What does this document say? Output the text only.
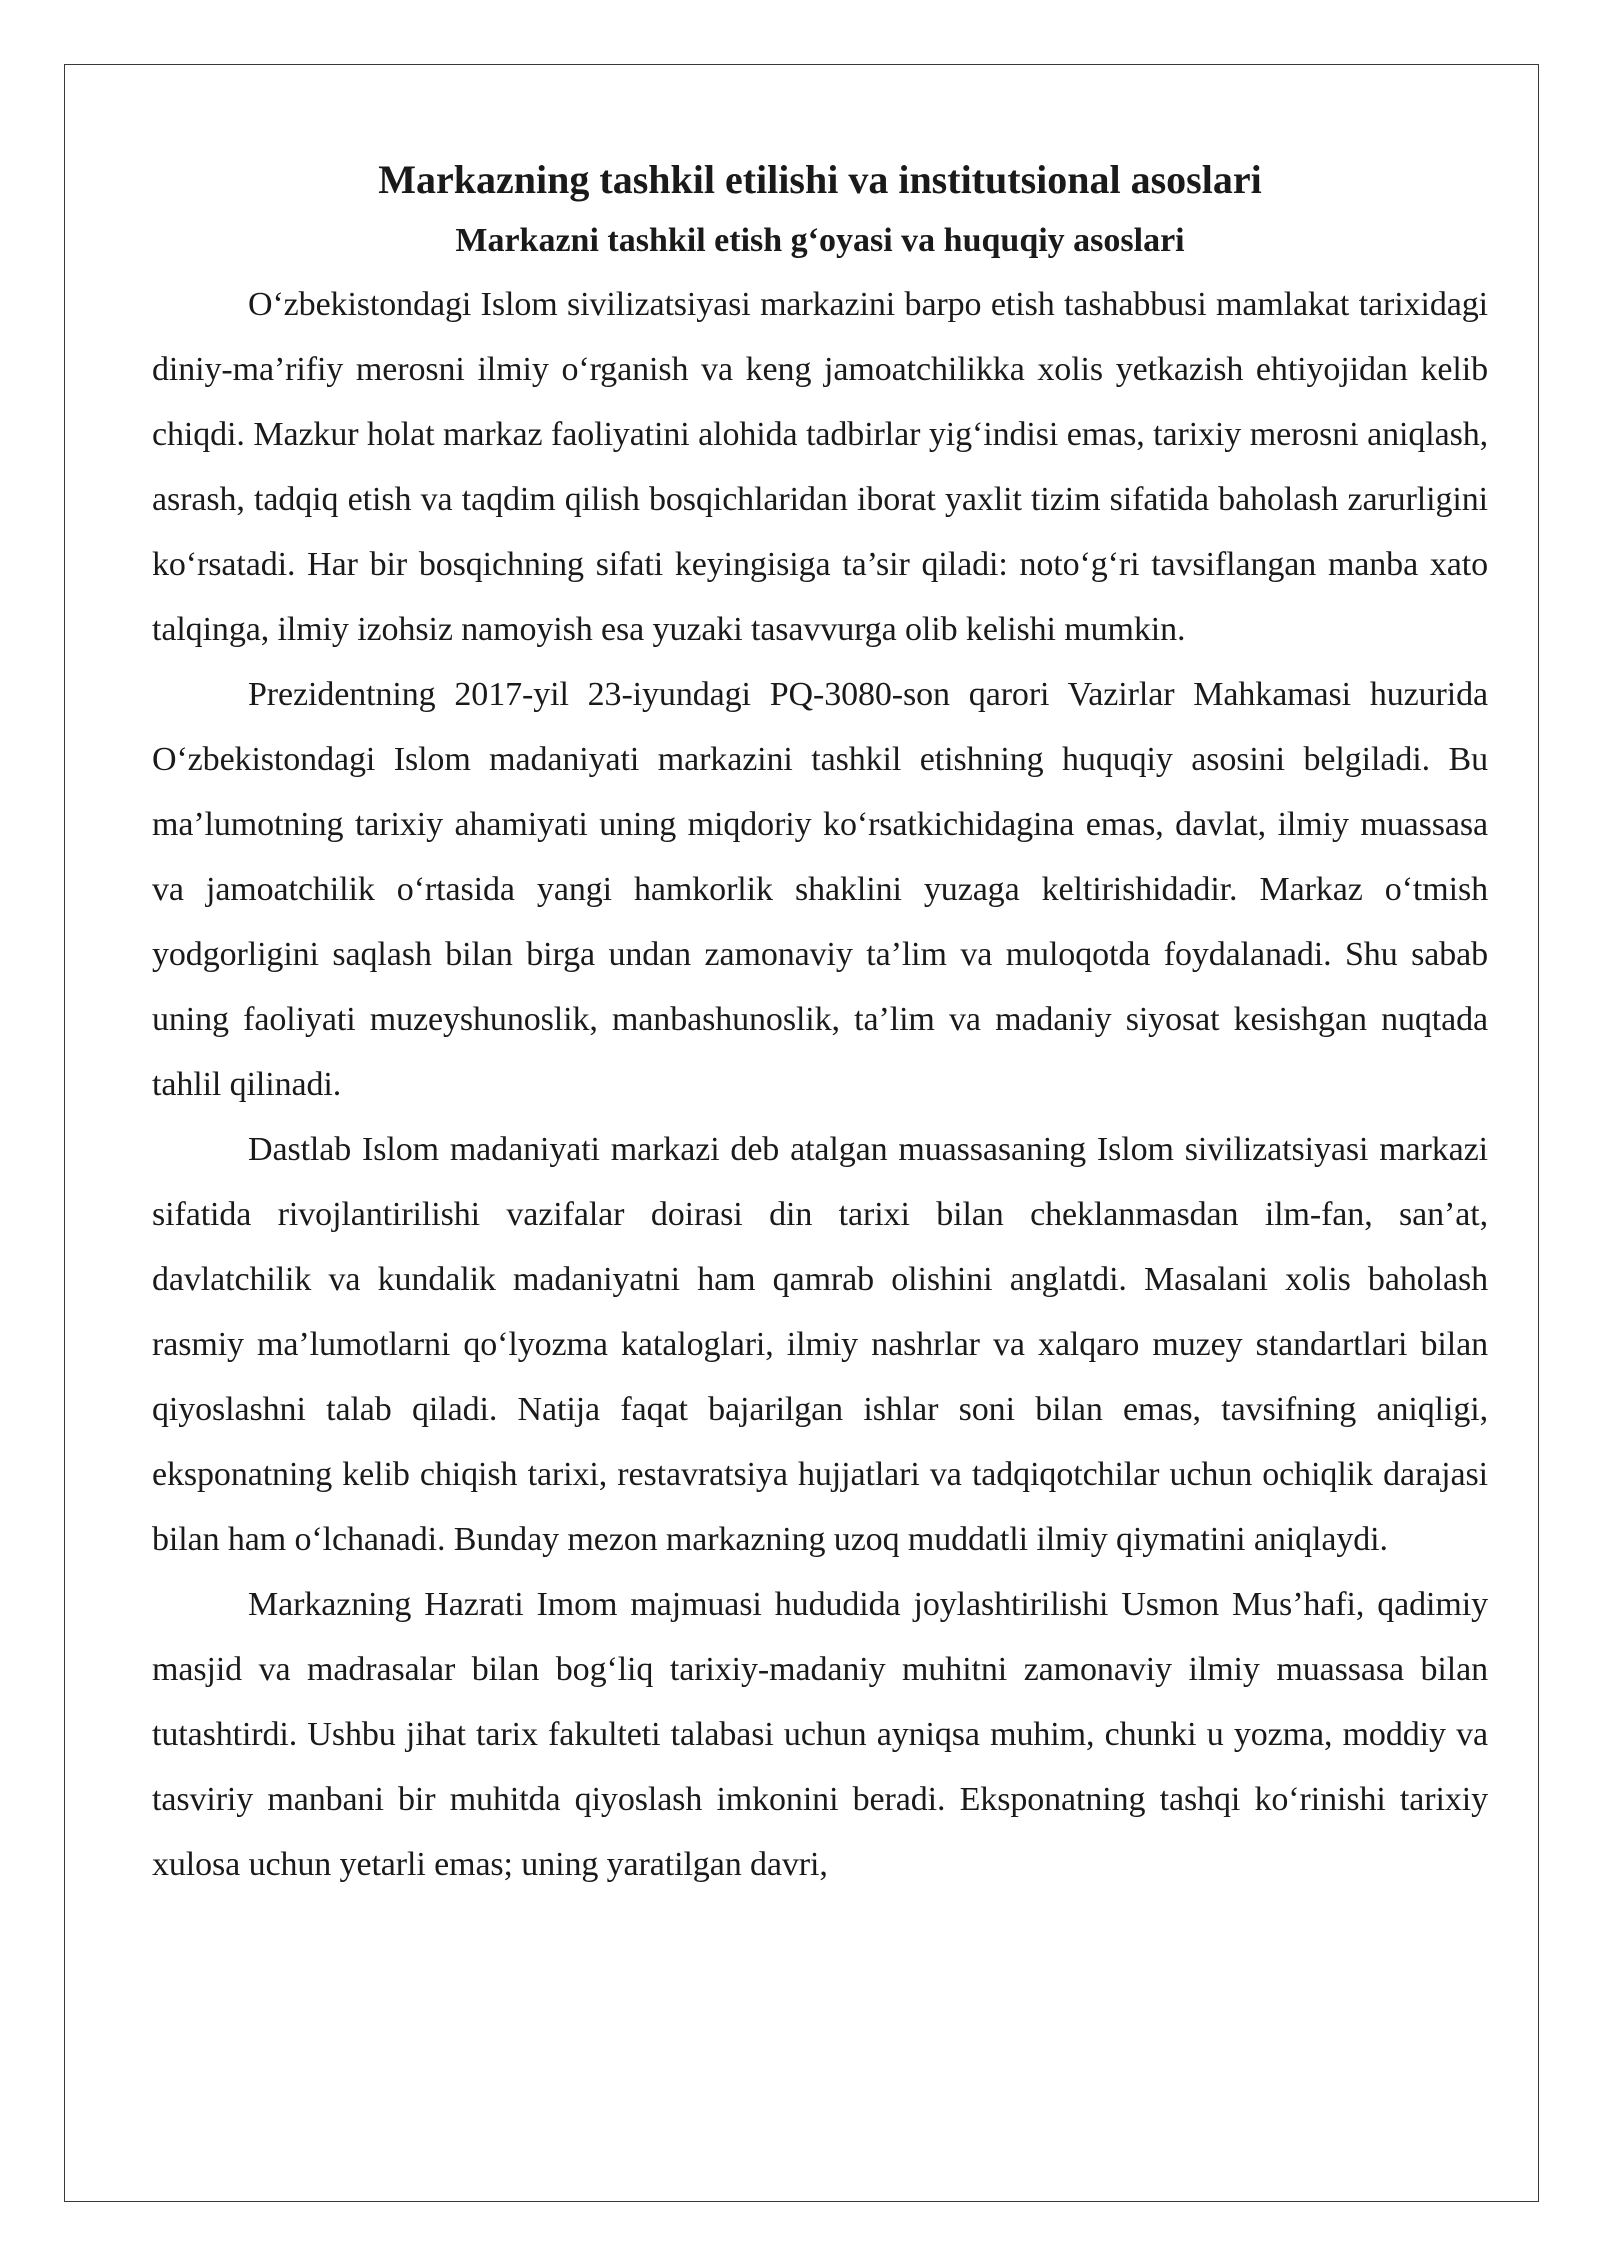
Markazning tashkil etilishi va institutsional asoslari
Markazni tashkil etish g‘oyasi va huquqiy asoslari

O‘zbekistondagi Islom sivilizatsiyasi markazini barpo etish tashabbusi mamlakat tarixidagi diniy-ma’rifiy merosni ilmiy o‘rganish va keng jamoatchilikka xolis yetkazish ehtiyojidan kelib chiqdi. Mazkur holat markaz faoliyatini alohida tadbirlar yig‘indisi emas, tarixiy merosni aniqlash, asrash, tadqiq etish va taqdim qilish bosqichlaridan iborat yaxlit tizim sifatida baholash zarurligini ko‘rsatadi. Har bir bosqichning sifati keyingisiga ta’sir qiladi: noto‘g‘ri tavsiflangan manba xato talqinga, ilmiy izohsiz namoyish esa yuzaki tasavvurga olib kelishi mumkin.

Prezidentning 2017-yil 23-iyundagi PQ-3080-son qarori Vazirlar Mahkamasi huzurida O‘zbekistondagi Islom madaniyati markazini tashkil etishning huquqiy asosini belgiladi. Bu ma’lumotning tarixiy ahamiyati uning miqdoriy ko‘rsatkichidagina emas, davlat, ilmiy muassasa va jamoatchilik o‘rtasida yangi hamkorlik shaklini yuzaga keltirishidadir. Markaz o‘tmish yodgorligini saqlash bilan birga undan zamonaviy ta’lim va muloqotda foydalanadi. Shu sabab uning faoliyati muzeyshunoslik, manbashunoslik, ta’lim va madaniy siyosat kesishgan nuqtada tahlil qilinadi.

Dastlab Islom madaniyati markazi deb atalgan muassasaning Islom sivilizatsiyasi markazi sifatida rivojlantirilishi vazifalar doirasi din tarixi bilan cheklanmasdan ilm-fan, san’at, davlatchilik va kundalik madaniyatni ham qamrab olishini anglatdi. Masalani xolis baholash rasmiy ma’lumotlarni qo‘lyozma kataloglari, ilmiy nashrlar va xalqaro muzey standartlari bilan qiyoslashni talab qiladi. Natija faqat bajarilgan ishlar soni bilan emas, tavsifning aniqligi, eksponatning kelib chiqish tarixi, restavratsiya hujjatlari va tadqiqotchilar uchun ochiqlik darajasi bilan ham o‘lchanadi. Bunday mezon markazning uzoq muddatli ilmiy qiymatini aniqlaydi.

Markazning Hazrati Imom majmuasi hududida joylashtirilishi Usmon Mus’hafi, qadimiy masjid va madrasalar bilan bog‘liq tarixiy-madaniy muhitni zamonaviy ilmiy muassasa bilan tutashtirdi. Ushbu jihat tarix fakulteti talabasi uchun ayniqsa muhim, chunki u yozma, moddiy va tasviriy manbani bir muhitda qiyoslash imkonini beradi. Eksponatning tashqi ko‘rinishi tarixiy xulosa uchun yetarli emas; uning yaratilgan davri,
